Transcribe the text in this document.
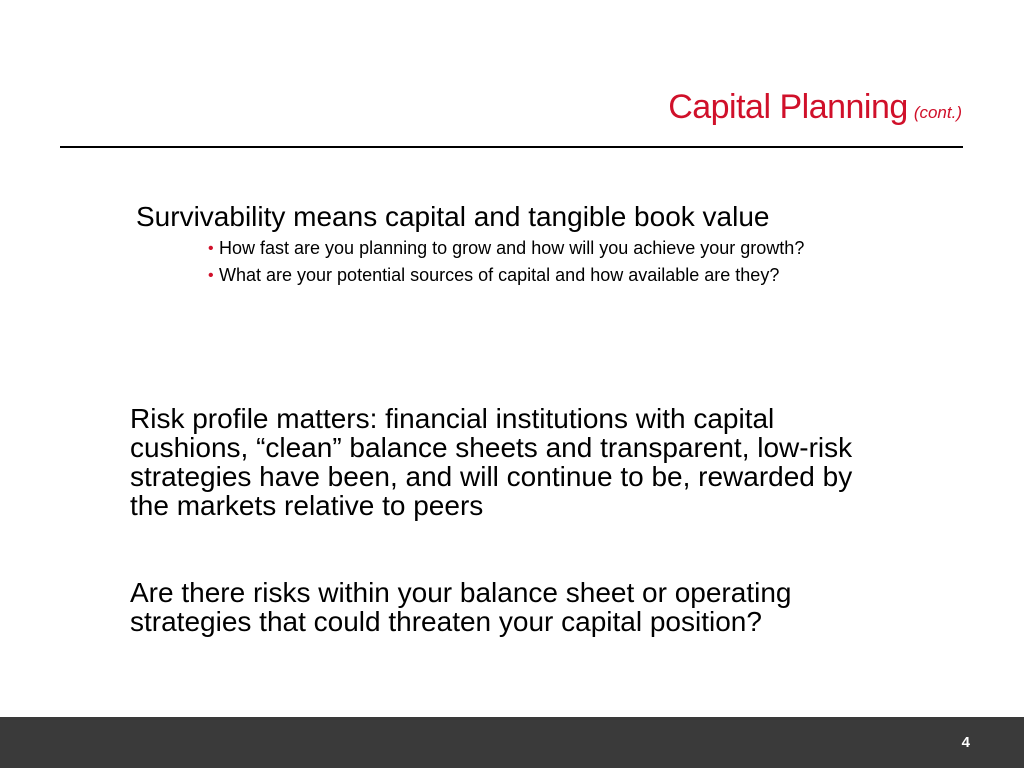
Capital Planning (cont.)

Survivability means capital and tangible book value

• How fast are you planning to grow and how will you achieve your growth?
• What are your potential sources of capital and how available are they?

Risk profile matters: financial institutions with capital cushions, “clean” balance sheets and transparent, low-risk strategies have been, and will continue to be, rewarded by the markets relative to peers

Are there risks within your balance sheet or operating strategies that could threaten your capital position?

4
